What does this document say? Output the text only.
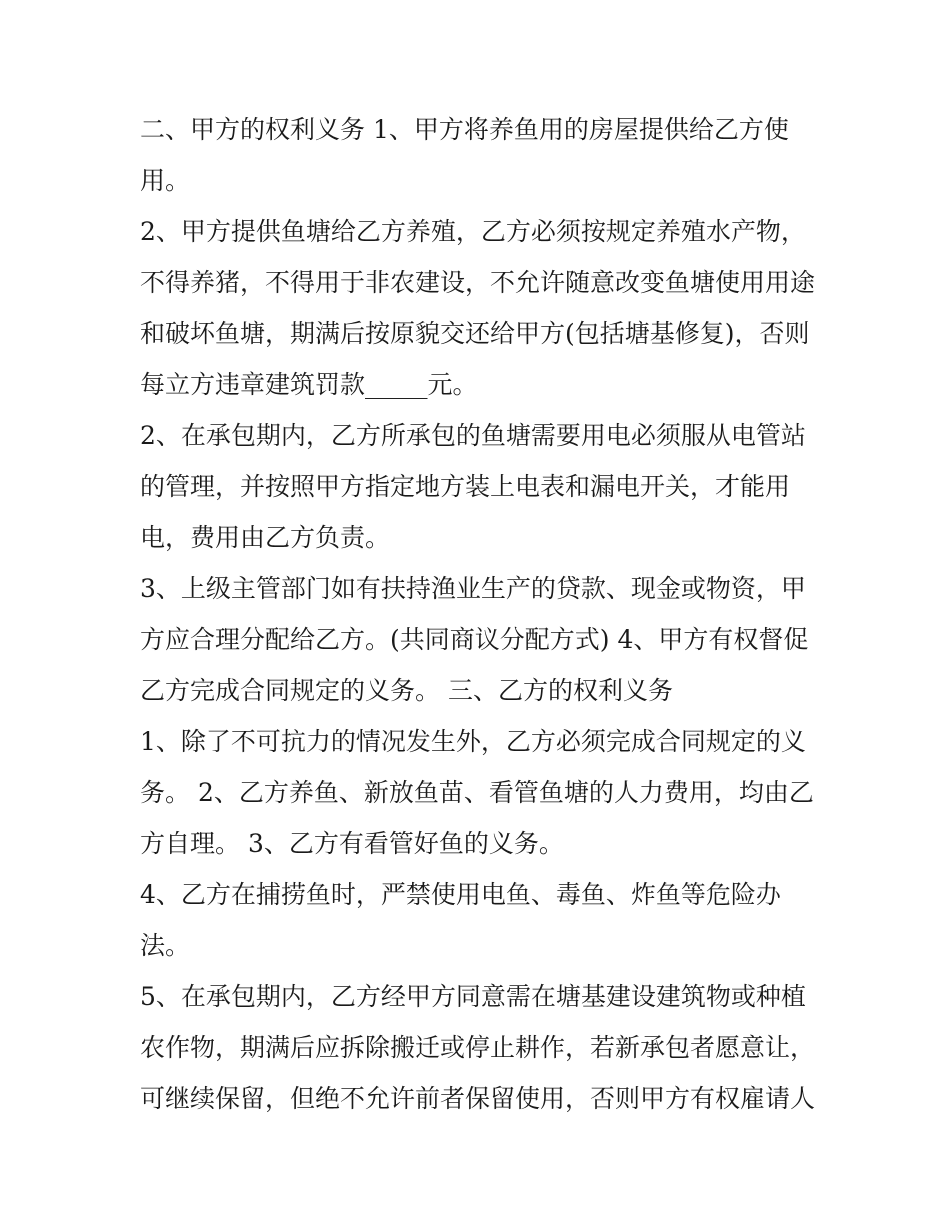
二、甲方的权利义务 1、甲方将养鱼用的房屋提供给乙方使用。

2、甲方提供鱼塘给乙方养殖，乙方必须按规定养殖水产物，不得养猪，不得用于非农建设，不允许随意改变鱼塘使用用途和破坏鱼塘，期满后按原貌交还给甲方(包括塘基修复)，否则每立方违章建筑罚款_____元。

2、在承包期内，乙方所承包的鱼塘需要用电必须服从电管站的管理，并按照甲方指定地方装上电表和漏电开关，才能用电，费用由乙方负责。

3、上级主管部门如有扶持渔业生产的贷款、现金或物资，甲方应合理分配给乙方。(共同商议分配方式) 4、甲方有权督促乙方完成合同规定的义务。 三、乙方的权利义务

1、除了不可抗力的情况发生外，乙方必须完成合同规定的义务。 2、乙方养鱼、新放鱼苗、看管鱼塘的人力费用，均由乙方自理。 3、乙方有看管好鱼的义务。

4、乙方在捕捞鱼时，严禁使用电鱼、毒鱼、炸鱼等危险办法。

5、在承包期内，乙方经甲方同意需在塘基建设建筑物或种植农作物，期满后应拆除搬迁或停止耕作，若新承包者愿意让，可继续保留，但绝不允许前者保留使用，否则甲方有权雇请人
